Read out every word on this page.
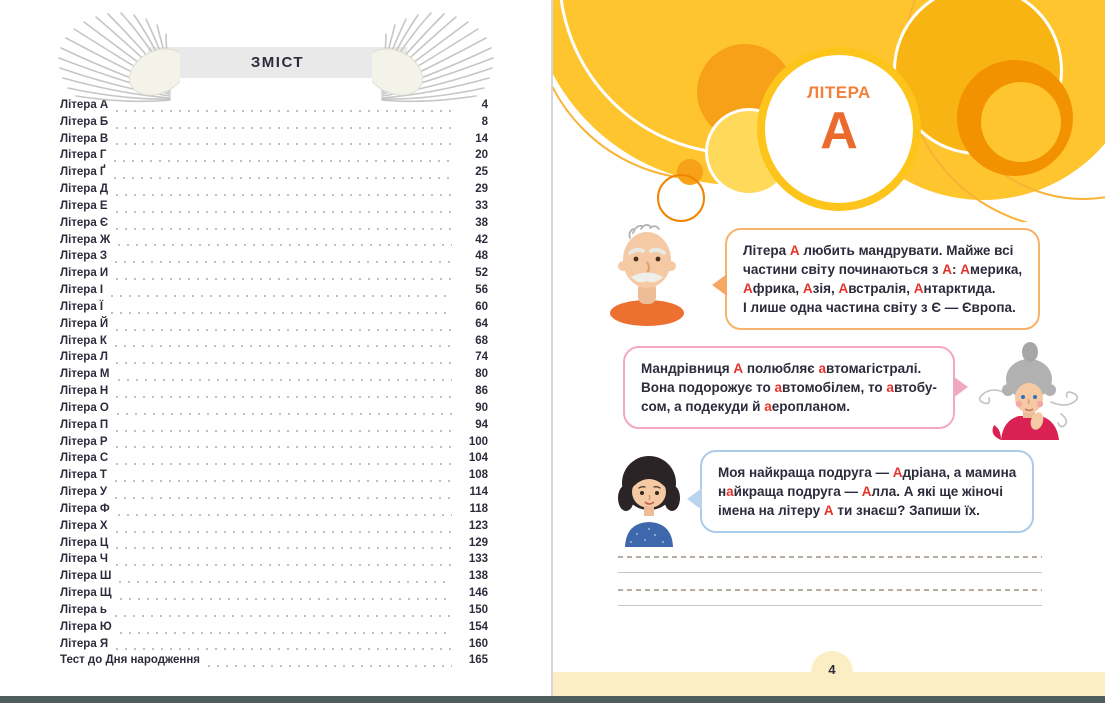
ЗМІСТ
Літера А	4
Літера Б	8
Літера В	14
Літера Г	20
Літера Ґ	25
Літера Д	29
Літера Е	33
Літера Є	38
Літера Ж	42
Літера З	48
Літера И	52
Літера І	56
Літера Ї	60
Літера Й	64
Літера К	68
Літера Л	74
Літера М	80
Літера Н	86
Літера О	90
Літера П	94
Літера Р	100
Літера С	104
Літера Т	108
Літера У	114
Літера Ф	118
Літера Х	123
Літера Ц	129
Літера Ч	133
Літера Ш	138
Літера Щ	146
Літера ь	150
Літера Ю	154
Літера Я	160
Тест до Дня народження	165
ЛІТЕРА
А
Літера А любить мандрувати. Майже всі
частини світу починаються з А: Америка,
Африка, Азія, Австралія, Антарктида.
І лише одна частина світу з Є — Європа.
Мандрівниця А полюбляє автомагістралі.
Вона подорожує то автомобілем, то автобу-
сом, а подекуди й аеропланом.
Моя найкраща подруга — Адріана, а мамина
найкраща подруга — Алла. А які ще жіночі
імена на літеру А ти знаєш? Запиши їх.
4
